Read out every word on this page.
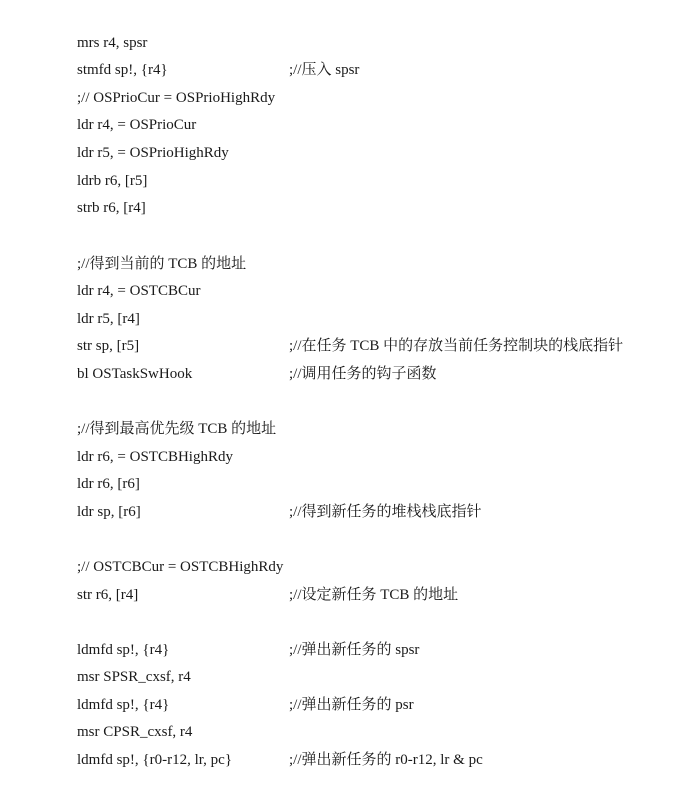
mrs r4, spsr

stmfd sp!, {r4}	;//压入 spsr

;// OSPrioCur = OSPrioHighRdy

ldr r4, = OSPrioCur

ldr r5, = OSPrioHighRdy

ldrb r6, [r5]

strb r6, [r4]

;//得到当前的 TCB 的地址

ldr r4, = OSTCBCur

ldr r5, [r4]

str sp, [r5]	;//在任务 TCB 中的存放当前任务控制块的栈底指针

bl OSTaskSwHook	;//调用任务的钩子函数

;//得到最高优先级 TCB 的地址

ldr r6, = OSTCBHighRdy

ldr r6, [r6]

ldr sp, [r6]	;//得到新任务的堆栈栈底指针

;// OSTCBCur = OSTCBHighRdy

str r6, [r4]	;//设定新任务 TCB 的地址

ldmfd sp!, {r4}	;//弹出新任务的 spsr

msr SPSR_cxsf, r4

ldmfd sp!, {r4}	;//弹出新任务的 psr

msr CPSR_cxsf, r4

ldmfd sp!, {r0-r12, lr, pc}	;//弹出新任务的 r0-r12, lr & pc
